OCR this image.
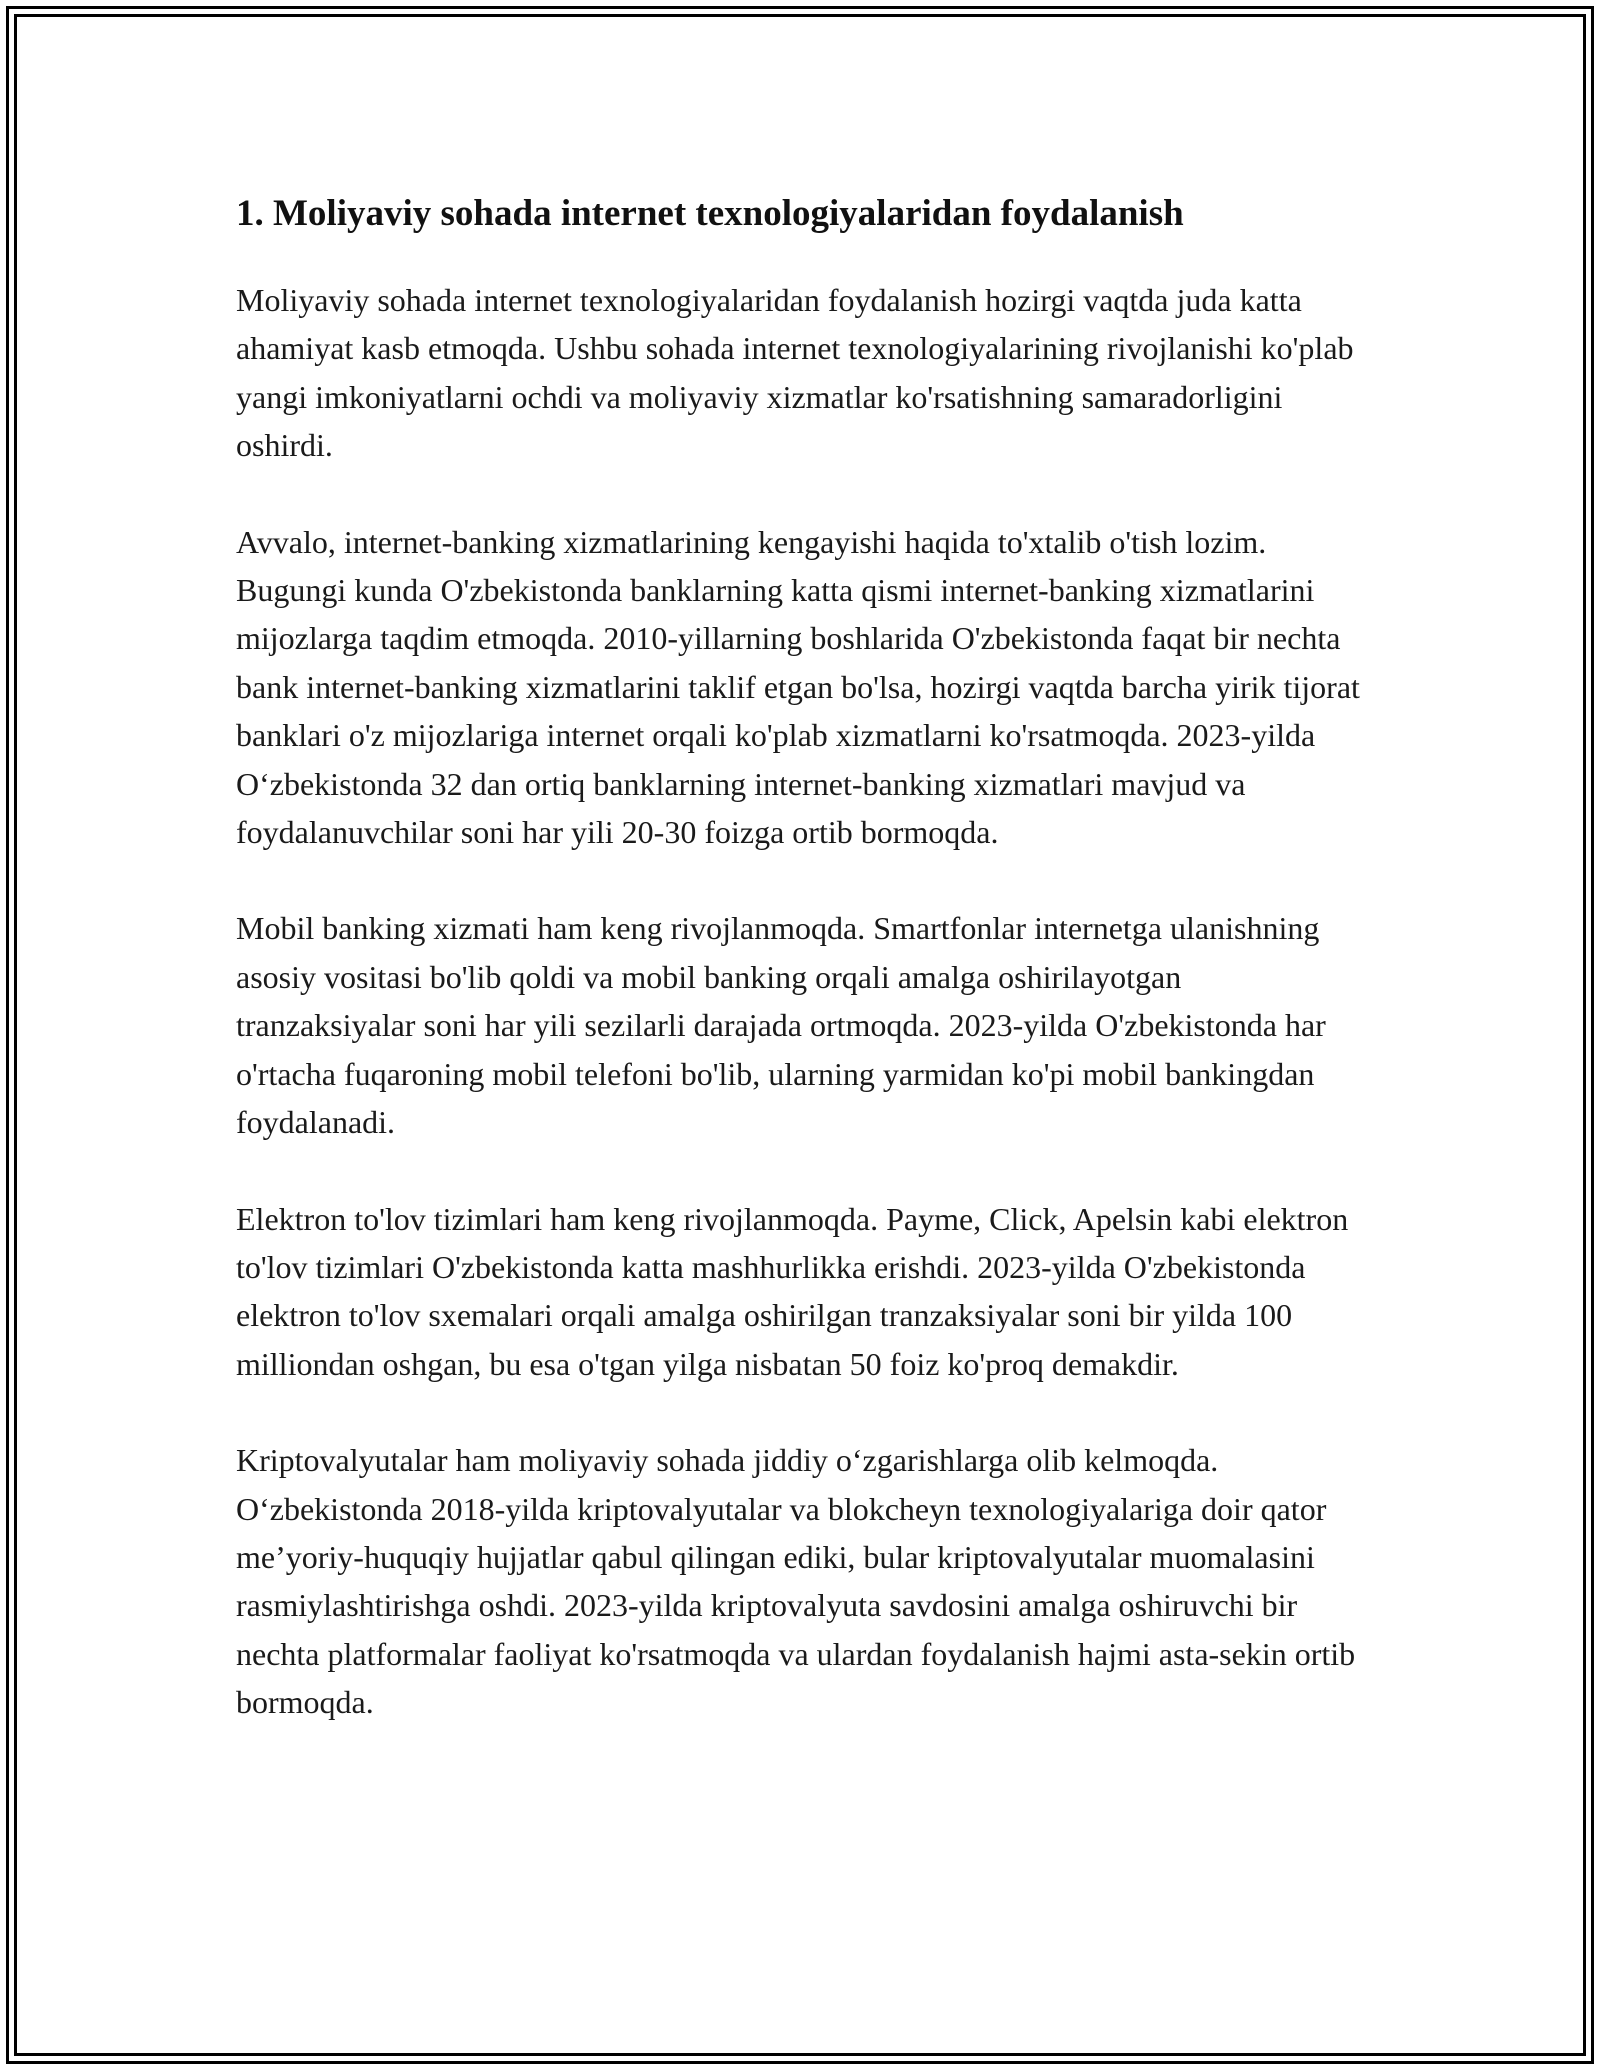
1. Moliyaviy sohada internet texnologiyalaridan foydalanish

Moliyaviy sohada internet texnologiyalaridan foydalanish hozirgi vaqtda juda katta ahamiyat kasb etmoqda. Ushbu sohada internet texnologiyalarining rivojlanishi ko'plab yangi imkoniyatlarni ochdi va moliyaviy xizmatlar ko'rsatishning samaradorligini oshirdi.

Avvalo, internet-banking xizmatlarining kengayishi haqida to'xtalib o'tish lozim. Bugungi kunda O'zbekistonda banklarning katta qismi internet-banking xizmatlarini mijozlarga taqdim etmoqda. 2010-yillarning boshlarida O'zbekistonda faqat bir nechta bank internet-banking xizmatlarini taklif etgan bo'lsa, hozirgi vaqtda barcha yirik tijorat banklari o'z mijozlariga internet orqali ko'plab xizmatlarni ko'rsatmoqda. 2023-yilda O‘zbekistonda 32 dan ortiq banklarning internet-banking xizmatlari mavjud va foydalanuvchilar soni har yili 20-30 foizga ortib bormoqda.

Mobil banking xizmati ham keng rivojlanmoqda. Smartfonlar internetga ulanishning asosiy vositasi bo'lib qoldi va mobil banking orqali amalga oshirilayotgan tranzaksiyalar soni har yili sezilarli darajada ortmoqda. 2023-yilda O'zbekistonda har o'rtacha fuqaroning mobil telefoni bo'lib, ularning yarmidan ko'pi mobil bankingdan foydalanadi.

Elektron to'lov tizimlari ham keng rivojlanmoqda. Payme, Click, Apelsin kabi elektron to'lov tizimlari O'zbekistonda katta mashhurlikka erishdi. 2023-yilda O'zbekistonda elektron to'lov sxemalari orqali amalga oshirilgan tranzaksiyalar soni bir yilda 100 milliondan oshgan, bu esa o'tgan yilga nisbatan 50 foiz ko'proq demakdir.

Kriptovalyutalar ham moliyaviy sohada jiddiy o‘zgarishlarga olib kelmoqda. O‘zbekistonda 2018-yilda kriptovalyutalar va blokcheyn texnologiyalariga doir qator me’yoriy-huquqiy hujjatlar qabul qilingan ediki, bular kriptovalyutalar muomalasini rasmiylashtirishga oshdi. 2023-yilda kriptovalyuta savdosini amalga oshiruvchi bir nechta platformalar faoliyat ko'rsatmoqda va ulardan foydalanish hajmi asta-sekin ortib bormoqda.
